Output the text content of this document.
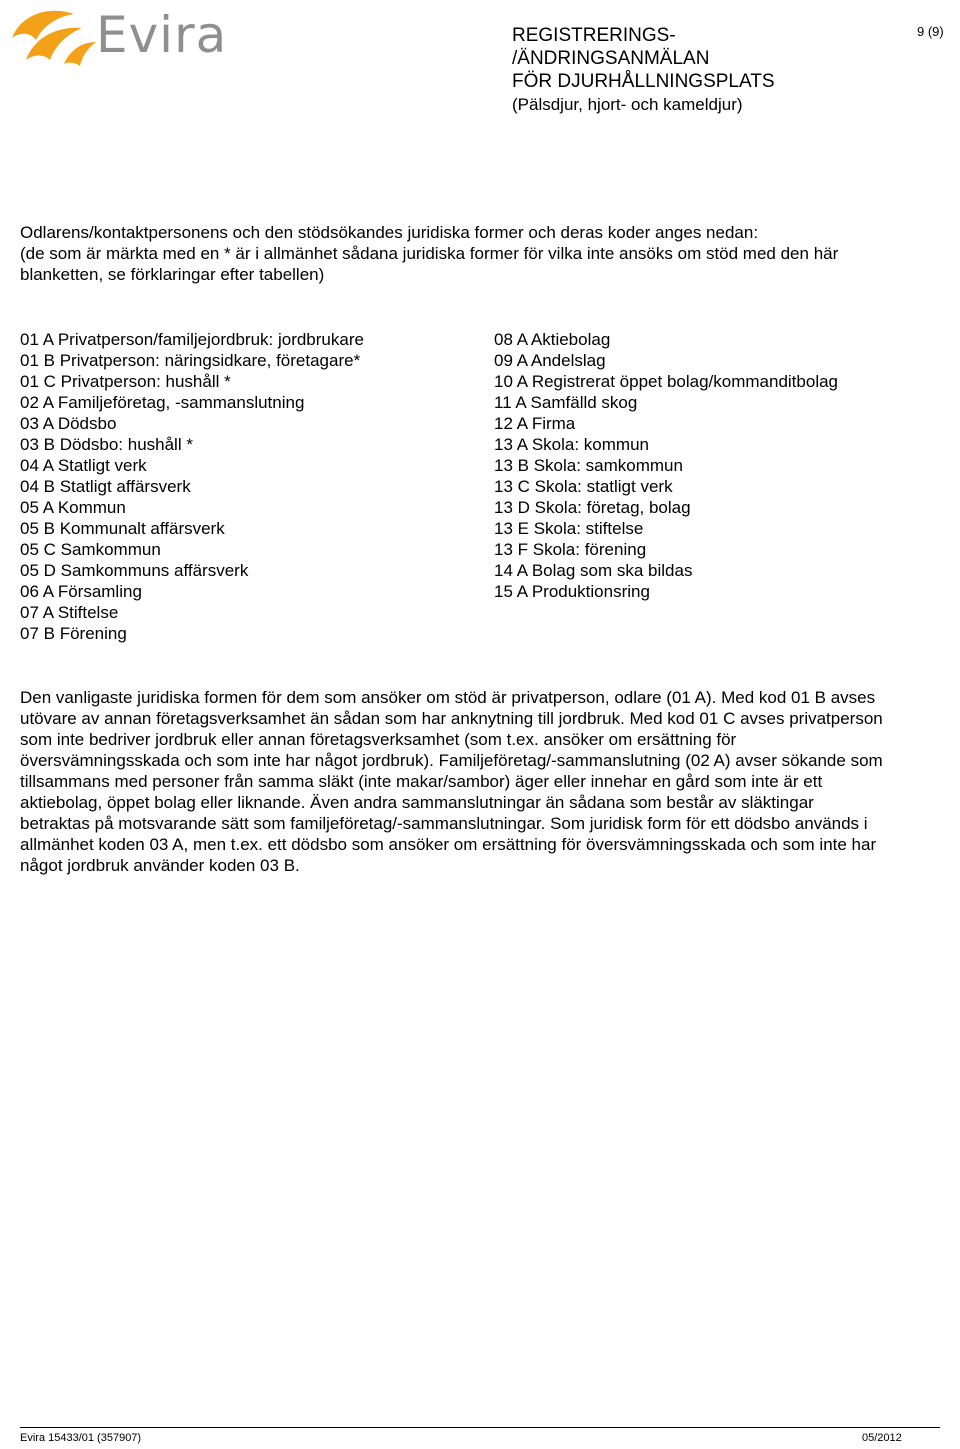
Evira	REGISTRERINGS-
/ÄNDRINGSANMÄLAN
FÖR DJURHÅLLNINGSPLATS
(Pälsdjur, hjort- och kameldjur)
9 (9)
Odlarens/kontaktpersonens och den stödsökandes juridiska former och deras koder anges nedan:
(de som är märkta med en * är i allmänhet sådana juridiska former för vilka inte ansöks om stöd med den här
blanketten, se förklaringar efter tabellen)
01 A Privatperson/familjejordbruk: jordbrukare
01 B Privatperson: näringsidkare, företagare*
01 C Privatperson: hushåll *
02 A Familjeföretag, -sammanslutning
03 A Dödsbo
03 B Dödsbo: hushåll *
04 A Statligt verk
04 B Statligt affärsverk
05 A Kommun
05 B Kommunalt affärsverk
05 C Samkommun
05 D Samkommuns affärsverk
06 A Församling
07 A Stiftelse
07 B Förening
08 A Aktiebolag
09 A Andelslag
10 A Registrerat öppet bolag/kommanditbolag
11 A Samfälld skog
12 A Firma
13 A Skola: kommun
13 B Skola: samkommun
13 C Skola: statligt verk
13 D Skola: företag, bolag
13 E Skola: stiftelse
13 F Skola: förening
14 A Bolag som ska bildas
15 A Produktionsring
Den vanligaste juridiska formen för dem som ansöker om stöd är privatperson, odlare (01 A). Med kod 01 B avses
utövare av annan företagsverksamhet än sådan som har anknytning till jordbruk. Med kod 01 C avses privatperson
som inte bedriver jordbruk eller annan företagsverksamhet (som t.ex. ansöker om ersättning för
översvämningsskada och som inte har något jordbruk). Familjeföretag/-sammanslutning (02 A) avser sökande som
tillsammans med personer från samma släkt (inte makar/sambor) äger eller innehar en gård som inte är ett
aktiebolag, öppet bolag eller liknande. Även andra sammanslutningar än sådana som består av släktingar
betraktas på motsvarande sätt som familjeföretag/-sammanslutningar. Som juridisk form för ett dödsbo används i
allmänhet koden 03 A, men t.ex. ett dödsbo som ansöker om ersättning för översvämningsskada och som inte har
något jordbruk använder koden 03 B.
Evira 15433/01 (357907)	05/2012
